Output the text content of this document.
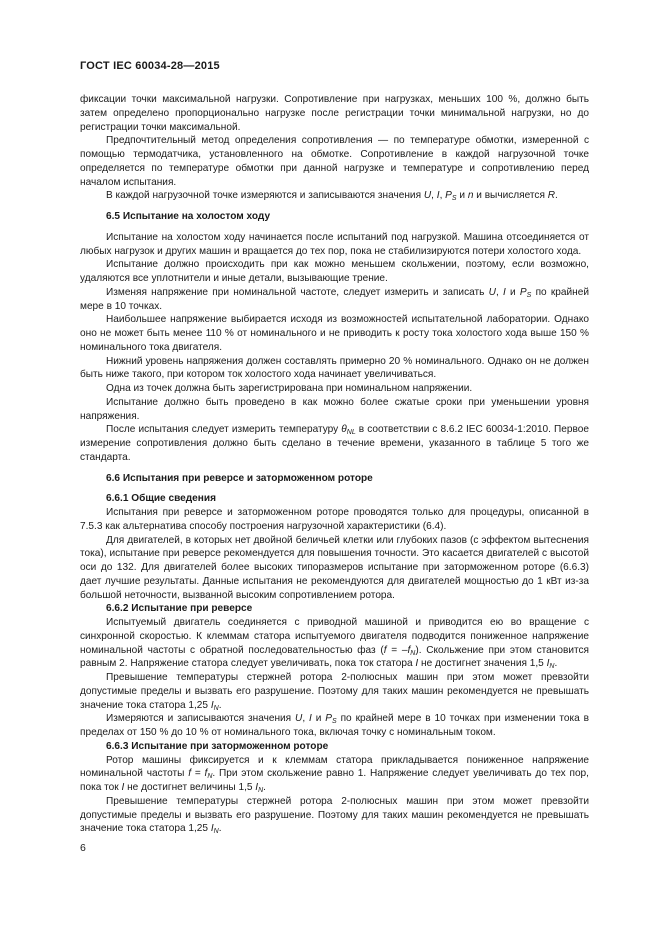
ГОСТ IEC 60034-28—2015

фиксации точки максимальной нагрузки. Сопротивление при нагрузках, меньших 100 %, должно быть затем определено пропорционально нагрузке после регистрации точки минимальной нагрузки, но до регистрации точки максимальной.

Предпочтительный метод определения сопротивления — по температуре обмотки, измеренной с помощью термодатчика, установленного на обмотке. Сопротивление в каждой нагрузочной точке определяется по температуре обмотки при данной нагрузке и температуре и сопротивлению перед началом испытания.

В каждой нагрузочной точке измеряются и записываются значения U, I, $P_S$ и n и вычисляется R.

6.5 Испытание на холостом ходу

Испытание на холостом ходу начинается после испытаний под нагрузкой. Машина отсоединяется от любых нагрузок и других машин и вращается до тех пор, пока не стабилизируются потери холостого хода.

Испытание должно происходить при как можно меньшем скольжении, поэтому, если возможно, удаляются все уплотнители и иные детали, вызывающие трение.

Изменяя напряжение при номинальной частоте, следует измерить и записать U, I и $P_S$ по крайней мере в 10 точках.

Наибольшее напряжение выбирается исходя из возможностей испытательной лаборатории. Однако оно не может быть менее 110 % от номинального и не приводить к росту тока холостого хода выше 150 % номинального тока двигателя.

Нижний уровень напряжения должен составлять примерно 20 % номинального. Однако он не должен быть ниже такого, при котором ток холостого хода начинает увеличиваться.

Одна из точек должна быть зарегистрирована при номинальном напряжении.

Испытание должно быть проведено в как можно более сжатые сроки при уменьшении уровня напряжения.

После испытания следует измерить температуру $\theta_{NL}$ в соответствии с 8.6.2 IEC 60034-1:2010. Первое измерение сопротивления должно быть сделано в течение времени, указанного в таблице 5 того же стандарта.

6.6 Испытания при реверсе и заторможенном роторе

6.6.1 Общие сведения

Испытания при реверсе и заторможенном роторе проводятся только для процедуры, описанной в 7.5.3 как альтернатива способу построения нагрузочной характеристики (6.4).

Для двигателей, в которых нет двойной беличьей клетки или глубоких пазов (с эффектом вытеснения тока), испытание при реверсе рекомендуется для повышения точности. Это касается двигателей с высотой оси до 132. Для двигателей более высоких типоразмеров испытание при заторможенном роторе (6.6.3) дает лучшие результаты. Данные испытания не рекомендуются для двигателей мощностью до 1 кВт из-за большой неточности, вызванной высоким сопротивлением ротора.

6.6.2 Испытание при реверсе

Испытуемый двигатель соединяется с приводной машиной и приводится ею во вращение с синхронной скоростью. К клеммам статора испытуемого двигателя подводится пониженное напряжение номинальной частоты с обратной последовательностью фаз $(f = -f_N)$. Скольжение при этом становится равным 2. Напряжение статора следует увеличивать, пока ток статора I не достигнет значения 1,5 $I_N$.

Превышение температуры стержней ротора 2-полюсных машин при этом может превзойти допустимые пределы и вызвать его разрушение. Поэтому для таких машин рекомендуется не превышать значение тока статора 1,25 $I_N$.

Измеряются и записываются значения U, I и $P_S$ по крайней мере в 10 точках при изменении тока в пределах от 150 % до 10 % от номинального тока, включая точку с номинальным током.

6.6.3 Испытание при заторможенном роторе

Ротор машины фиксируется и к клеммам статора прикладывается пониженное напряжение номинальной частоты $f = f_N$. При этом скольжение равно 1. Напряжение следует увеличивать до тех пор, пока ток I не достигнет величины 1,5 $I_N$.

Превышение температуры стержней ротора 2-полюсных машин при этом может превзойти допустимые пределы и вызвать его разрушение. Поэтому для таких машин рекомендуется не превышать значение тока статора 1,25 $I_N$.

6
